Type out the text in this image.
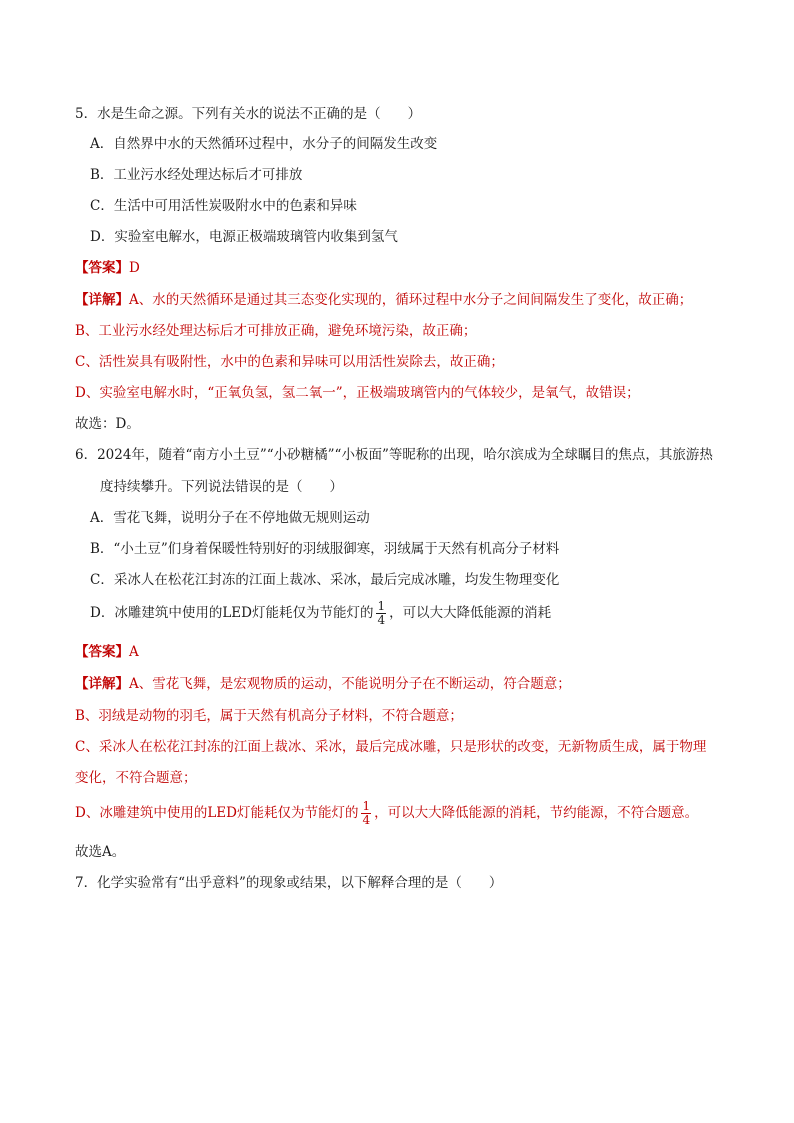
5．水是生命之源。下列有关水的说法不正确的是（　　）
A．自然界中水的天然循环过程中，水分子的间隔发生改变
B．工业污水经处理达标后才可排放
C．生活中可用活性炭吸附水中的色素和异味
D．实验室电解水，电源正极端玻璃管内收集到氢气
【答案】D
【详解】A、水的天然循环是通过其三态变化实现的，循环过程中水分子之间间隔发生了变化，故正确；
B、工业污水经处理达标后才可排放正确，避免环境污染，故正确；
C、活性炭具有吸附性，水中的色素和异味可以用活性炭除去，故正确；
D、实验室电解水时，“正氧负氢，氢二氧一”，正极端玻璃管内的气体较少，是氧气，故错误；
故选：D。
6．2024年，随着“南方小土豆”“小砂糖橘”“小板面”等昵称的出现，哈尔滨成为全球瞩目的焦点，其旅游热
度持续攀升。下列说法错误的是（　　）
A．雪花飞舞，说明分子在不停地做无规则运动
B．“小土豆”们身着保暖性特别好的羽绒服御寒，羽绒属于天然有机高分子材料
C．采冰人在松花江封冻的江面上裁冰、采冰，最后完成冰雕，均发生物理变化
D．冰雕建筑中使用的LED灯能耗仅为节能灯的 $\frac{1}{4}$ ，可以大大降低能源的消耗
【答案】A
【详解】A、雪花飞舞，是宏观物质的运动，不能说明分子在不断运动，符合题意；
B、羽绒是动物的羽毛，属于天然有机高分子材料，不符合题意；
C、采冰人在松花江封冻的江面上裁冰、采冰，最后完成冰雕，只是形状的改变，无新物质生成，属于物理
变化，不符合题意；
D、冰雕建筑中使用的LED灯能耗仅为节能灯的 $\frac{1}{4}$ ，可以大大降低能源的消耗，节约能源，不符合题意。
故选A。
7．化学实验常有“出乎意料”的现象或结果，以下解释合理的是（　　）
